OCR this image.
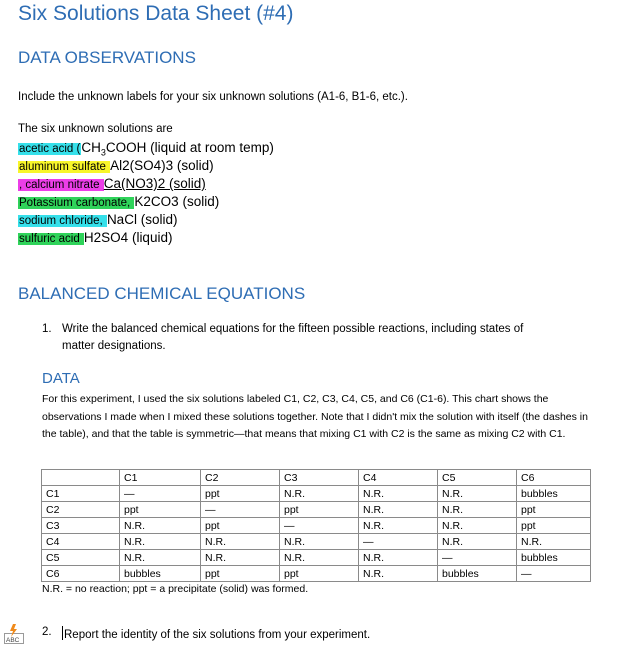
Six Solutions Data Sheet (#4)
DATA OBSERVATIONS
Include the unknown labels for your six unknown solutions (A1-6, B1-6, etc.).
The six unknown solutions are
acetic acid ($CH_3COOH$ (liquid at room temp)
aluminum sulfate Al2(SO4)3 (solid)
, calcium nitrate Ca(NO3)2 (solid)
Potassium carbonate, K2CO3 (solid)
sodium chloride, NaCl (solid)
sulfuric acid H2SO4 (liquid)
BALANCED CHEMICAL EQUATIONS
1. Write the balanced chemical equations for the fifteen possible reactions, including states of
matter designations.
DATA
For this experiment, I used the six solutions labeled C1, C2, C3, C4, C5, and C6 (C1-6). This chart shows the observations I made when I mixed these solutions together. Note that I didn't mix the solution with itself (the dashes in the table), and that the table is symmetric—that means that mixing C1 with C2 is the same as mixing C2 with C1.
	C1	C2	C3	C4	C5	C6
C1	—	ppt	N.R.	N.R.	N.R.	bubbles
C2	ppt	—	ppt	N.R.	N.R.	ppt
C3	N.R.	ppt	—	N.R.	N.R.	ppt
C4	N.R.	N.R.	N.R.	—	N.R.	N.R.
C5	N.R.	N.R.	N.R.	N.R.	—	bubbles
C6	bubbles	ppt	ppt	N.R.	bubbles	—
N.R. = no reaction; ppt = a precipitate (solid) was formed.
ABC
2. Report the identity of the six solutions from your experiment.
